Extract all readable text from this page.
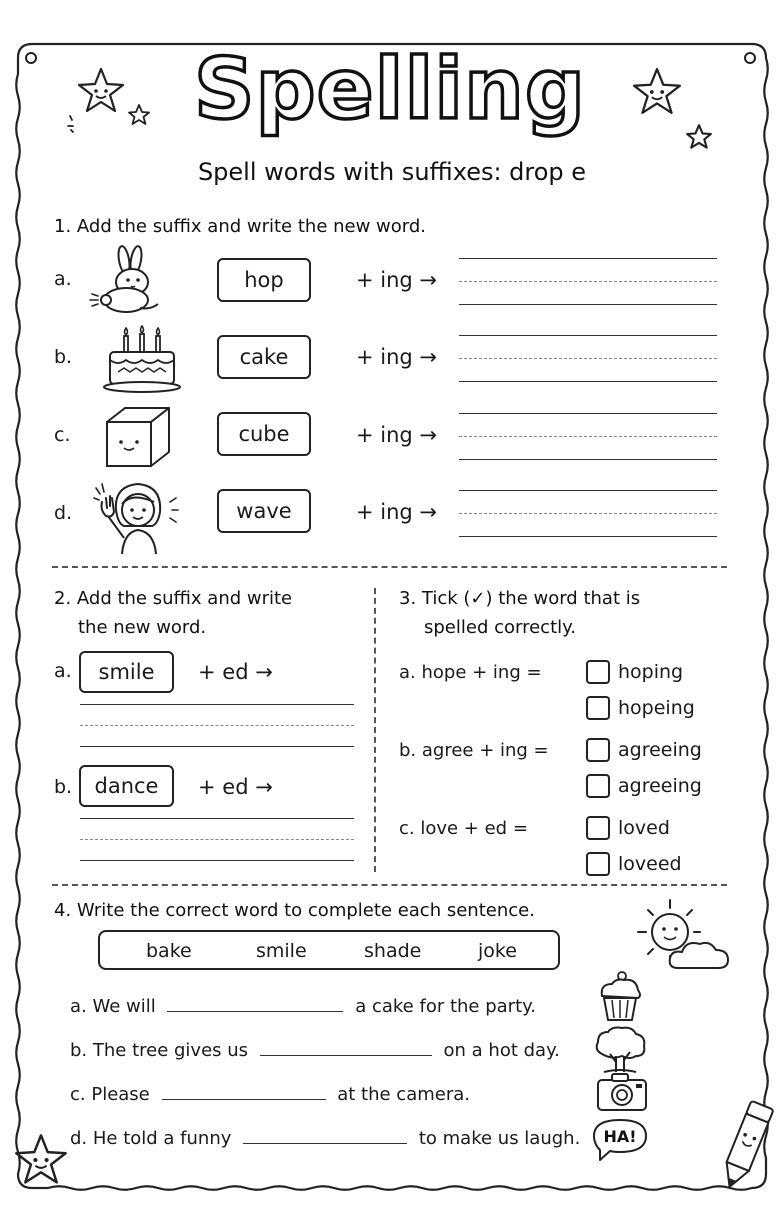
Spelling
Spell words with suffixes: drop e
1. Add the suffix and write the new word.
a.	hop	+ ing →
b.	cake	+ ing →
c.	cube	+ ing →
d.	wave	+ ing →
2. Add the suffix and write
the new word.
a.	smile	+ ed →
b.	dance	+ ed →
3. Tick (✓) the word that is
spelled correctly.
a. hope + ing =	hoping
hopeing
b. agree + ing =	agreeing
agreeing
c. love + ed =	loved
loveed
4. Write the correct word to complete each sentence.
bake	smile	shade	joke
a. We will	a cake for the party.
b. The tree gives us	on a hot day.
c. Please	at the camera.
d. He told a funny	to make us laugh. HA!
